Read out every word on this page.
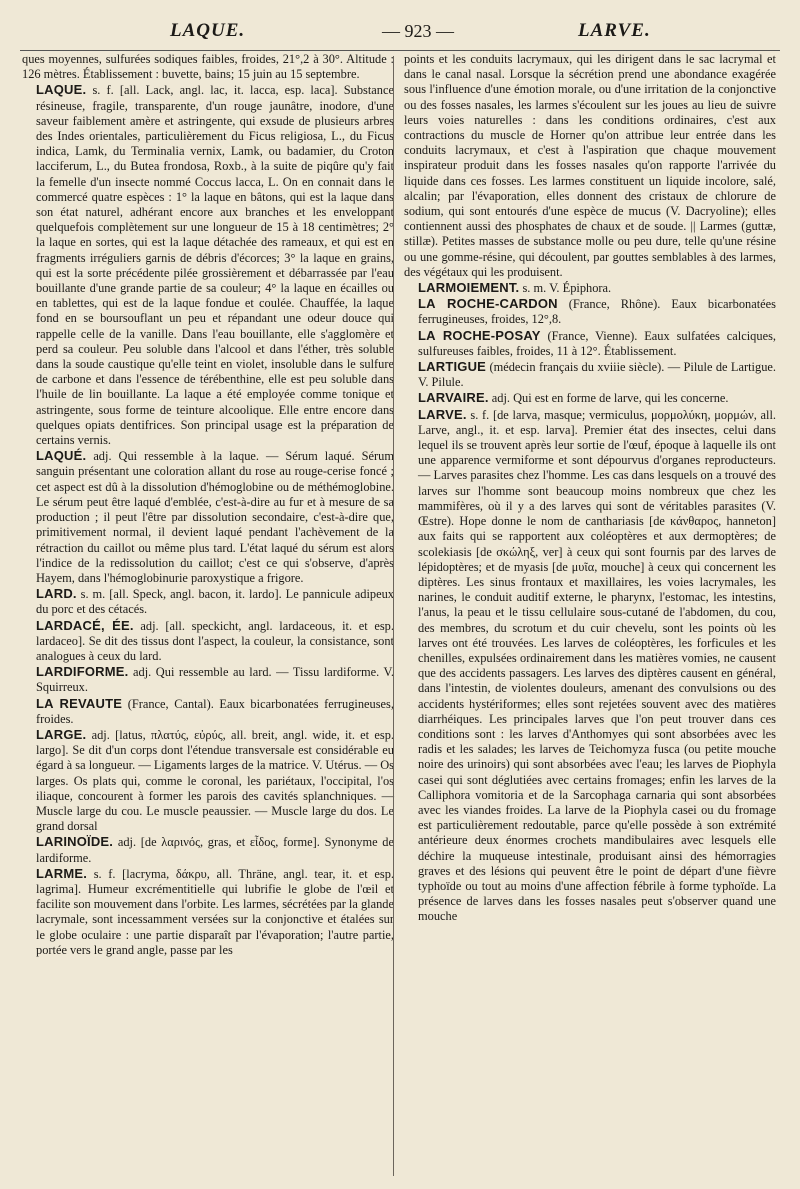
LAQUE.	— 923 —	LARVE.

ques moyennes, sulfurées sodiques faibles, froides, 21°,2 à 30°. Altitude : 126 mètres. Établissement : buvette, bains; 15 juin au 15 septembre.

LAQUE. s. f. [all. Lack, angl. lac, it. lacca, esp. laca]. Substance résineuse, fragile, transparente, d'un rouge jaunâtre, inodore, d'une saveur faiblement amère et astringente, qui exsude de plusieurs arbres des Indes orientales, particulièrement du Ficus religiosa, L., du Ficus indica, Lamk, du Terminalia vernix, Lamk, ou badamier, du Croton lacciferum, L., du Butea frondosa, Roxb., à la suite de piqûre qu'y fait la femelle d'un insecte nommé Coccus lacca, L. On en connait dans le commercé quatre espèces : 1° la laque en bâtons, qui est la laque dans son état naturel, adhérant encore aux branches et les enveloppant quelquefois complètement sur une longueur de 15 à 18 centimètres; 2° la laque en sortes, qui est la laque détachée des rameaux, et qui est en fragments irréguliers garnis de débris d'écorces; 3° la laque en grains, qui est la sorte précédente pilée grossièrement et débarrassée par l'eau bouillante d'une grande partie de sa couleur; 4° la laque en écailles ou en tablettes, qui est de la laque fondue et coulée. Chauffée, la laque fond en se boursouflant un peu et répandant une odeur douce qui rappelle celle de la vanille. Dans l'eau bouillante, elle s'agglomère et perd sa couleur. Peu soluble dans l'alcool et dans l'éther, très soluble dans la soude caustique qu'elle teint en violet, insoluble dans le sulfure de carbone et dans l'essence de térébenthine, elle est peu soluble dans l'huile de lin bouillante. La laque a été employée comme tonique et astringente, sous forme de teinture alcoolique. Elle entre encore dans quelques opiats dentifrices. Son principal usage est la préparation de certains vernis.

LAQUÉ. adj. Qui ressemble à la laque. — Sérum laqué. Sérum sanguin présentant une coloration allant du rose au rouge-cerise foncé ; cet aspect est dû à la dissolution d'hémoglobine ou de méthémoglobine. Le sérum peut être laqué d'emblée, c'est-à-dire au fur et à mesure de sa production ; il peut l'être par dissolution secondaire, c'est-à-dire que, primitivement normal, il devient laqué pendant l'achèvement de la rétraction du caillot ou même plus tard. L'état laqué du sérum est alors l'indice de la redissolution du caillot; c'est ce qui s'observe, d'après Hayem, dans l'hémoglobinurie paroxystique a frigore.

LARD. s. m. [all. Speck, angl. bacon, it. lardo]. Le pannicule adipeux du porc et des cétacés.

LARDACÉ, ÉE. adj. [all. speckicht, angl. lardaceous, it. et esp. lardaceo]. Se dit des tissus dont l'aspect, la couleur, la consistance, sont analogues à ceux du lard.

LARDIFORME. adj. Qui ressemble au lard. — Tissu lardiforme. V. Squirreux.

LA REVAUTE (France, Cantal). Eaux bicarbonatées ferrugineuses, froides.

LARGE. adj. [latus, πλατύς, εὐρύς, all. breit, angl. wide, it. et esp. largo]. Se dit d'un corps dont l'étendue transversale est considérable eu égard à sa longueur. — Ligaments larges de la matrice. V. Utérus. — Os larges. Os plats qui, comme le coronal, les pariétaux, l'occipital, l'os iliaque, concourent à former les parois des cavités splanchniques. — Muscle large du cou. Le muscle peaussier. — Muscle large du dos. Le grand dorsal

LARINOÏDE. adj. [de λαρινός, gras, et εἶδος, forme]. Synonyme de lardiforme.

LARME. s. f. [lacryma, δάκρυ, all. Thräne, angl. tear, it. et esp. lagrima]. Humeur excrémentitielle qui lubrifie le globe de l'œil et facilite son mouvement dans l'orbite. Les larmes, sécrétées par la glande lacrymale, sont incessamment versées sur la conjonctive et étalées sur le globe oculaire : une partie disparaît par l'évaporation; l'autre partie, portée vers le grand angle, passe par les

points et les conduits lacrymaux, qui les dirigent dans le sac lacrymal et dans le canal nasal. Lorsque la sécrétion prend une abondance exagérée sous l'influence d'une émotion morale, ou d'une irritation de la conjonctive ou des fosses nasales, les larmes s'écoulent sur les joues au lieu de suivre leurs voies naturelles : dans les conditions ordinaires, c'est aux contractions du muscle de Horner qu'on attribue leur entrée dans les conduits lacrymaux, et c'est à l'aspiration que chaque mouvement inspirateur produit dans les fosses nasales qu'on rapporte l'arrivée du liquide dans ces fosses. Les larmes constituent un liquide incolore, salé, alcalin; par l'évaporation, elles donnent des cristaux de chlorure de sodium, qui sont entourés d'une espèce de mucus (V. Dacryoline); elles contiennent aussi des phosphates de chaux et de soude. || Larmes (guttæ, stillæ). Petites masses de substance molle ou peu dure, telle qu'une résine ou une gomme-résine, qui découlent, par gouttes semblables à des larmes, des végétaux qui les produisent.

LARMOIEMENT. s. m. V. Épiphora.

LA ROCHE-CARDON (France, Rhône). Eaux bicarbonatées ferrugineuses, froides, 12°,8.

LA ROCHE-POSAY (France, Vienne). Eaux sulfatées calciques, sulfureuses faibles, froides, 11 à 12°. Établissement.

LARTIGUE (médecin français du xviiie siècle). — Pilule de Lartigue. V. Pilule.

LARVAIRE. adj. Qui est en forme de larve, qui les concerne.

LARVE. s. f. [de larva, masque; vermiculus, μορμολύκη, μορμών, all. Larve, angl., it. et esp. larva]. Premier état des insectes, celui dans lequel ils se trouvent après leur sortie de l'œuf, époque à laquelle ils ont une apparence vermiforme et sont dépourvus d'organes reproducteurs. — Larves parasites chez l'homme. Les cas dans lesquels on a trouvé des larves sur l'homme sont beaucoup moins nombreux que chez les mammifères, où il y a des larves qui sont de véritables parasites (V. Œstre). Hope donne le nom de canthariasis [de κάνθαρος, hanneton] aux faits qui se rapportent aux coléoptères et aux dermoptères; de scolekiasis [de σκώληξ, ver] à ceux qui sont fournis par des larves de lépidoptères; et de myasis [de μυῖα, mouche] à ceux qui concernent les diptères. Les sinus frontaux et maxillaires, les voies lacrymales, les narines, le conduit auditif externe, le pharynx, l'estomac, les intestins, l'anus, la peau et le tissu cellulaire sous-cutané de l'abdomen, du cou, des membres, du scrotum et du cuir chevelu, sont les points où les larves ont été trouvées. Les larves de coléoptères, les forficules et les chenilles, expulsées ordinairement dans les matières vomies, ne causent que des accidents passagers. Les larves des diptères causent en général, dans l'intestin, de violentes douleurs, amenant des convulsions ou des accidents hystériformes; elles sont rejetées souvent avec des matières diarrhéiques. Les principales larves que l'on peut trouver dans ces conditions sont : les larves d'Anthomyes qui sont absorbées avec les radis et les salades; les larves de Teichomyza fusca (ou petite mouche noire des urinoirs) qui sont absorbées avec l'eau; les larves de Piophyla casei qui sont déglutiées avec certains fromages; enfin les larves de la Calliphora vomitoria et de la Sarcophaga carnaria qui sont absorbées avec les viandes froides. La larve de la Piophyla casei ou du fromage est particulièrement redoutable, parce qu'elle possède à son extrémité antérieure deux énormes crochets mandibulaires avec lesquels elle déchire la muqueuse intestinale, produisant ainsi des hémorragies graves et des lésions qui peuvent être le point de départ d'une fièvre typhoïde ou tout au moins d'une affection fébrile à forme typhoïde. La présence de larves dans les fosses nasales peut s'observer quand une mouche
